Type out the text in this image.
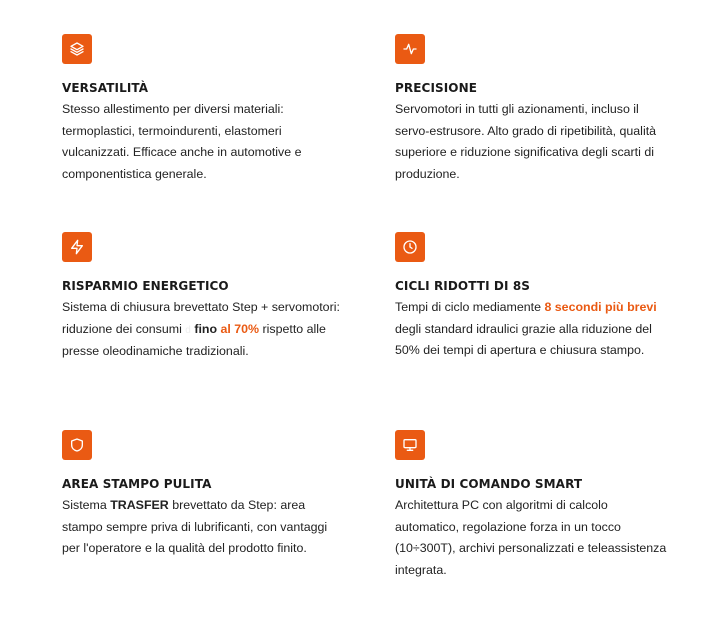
VERSATILITÀ
Stesso allestimento per diversi materiali: termoplastici, termoindurenti, elastomeri vulcanizzati. Efficace anche in automotive e componentistica generale.
PRECISIONE
Servomotori in tutti gli azionamenti, incluso il servo-estrusore. Alto grado di ripetibilità, qualità superiore e riduzione significativa degli scarti di produzione.
RISPARMIO ENERGETICO
Sistema di chiusura brevettato Step + servomotori: riduzione dei consumi d fino al 70% rispetto alle presse oleodinamiche tradizionali.
CICLI RIDOTTI DI 8S
Tempi di ciclo mediamente 8 secondi più brevi degli standard idraulici grazie alla riduzione del 50% dei tempi di apertura e chiusura stampo.
AREA STAMPO PULITA
Sistema TRASFER brevettato da Step: area stampo sempre priva di lubrificanti, con vantaggi per l'operatore e la qualità del prodotto finito.
UNITÀ DI COMANDO SMART
Architettura PC con algoritmi di calcolo automatico, regolazione forza in un tocco (10÷300T), archivi personalizzati e teleassistenza integrata.
